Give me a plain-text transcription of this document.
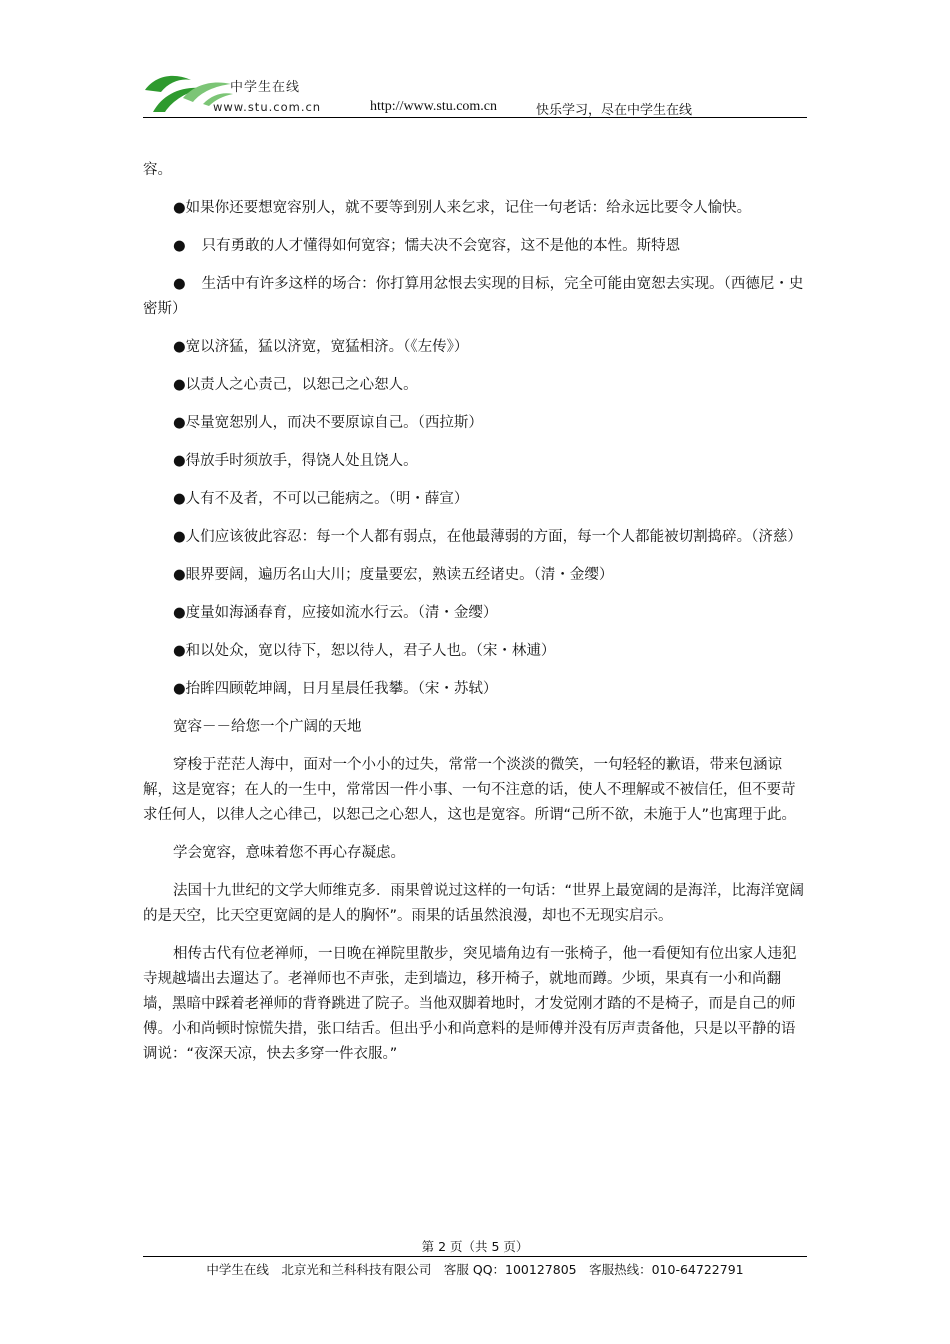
中学生在线
www.stu.com.cn	http://www.stu.com.cn	快乐学习，尽在中学生在线

容。

●如果你还要想宽容别人，就不要等到别人来乞求，记住一句老话：给永远比要令人愉快。

● 只有勇敢的人才懂得如何宽容；懦夫决不会宽容，这不是他的本性。斯特恩

● 生活中有许多这样的场合：你打算用忿恨去实现的目标，完全可能由宽恕去实现。（西德尼・史密斯）

●宽以济猛，猛以济宽，宽猛相济。（《左传》）

●以责人之心责己，以恕己之心恕人。

●尽量宽恕别人，而决不要原谅自己。（西拉斯）

●得放手时须放手，得饶人处且饶人。

●人有不及者，不可以己能病之。（明・薛宣）

●人们应该彼此容忍：每一个人都有弱点，在他最薄弱的方面，每一个人都能被切割捣碎。（济慈）

●眼界要阔，遍历名山大川；度量要宏，熟读五经诸史。（清・金缨）

●度量如海涵春育，应接如流水行云。（清・金缨）

●和以处众，宽以待下，恕以待人，君子人也。（宋・林逋）

●抬眸四顾乾坤阔，日月星晨任我攀。（宋・苏轼）

宽容－－给您一个广阔的天地

穿梭于茫茫人海中，面对一个小小的过失，常常一个淡淡的微笑，一句轻轻的歉语，带来包涵谅解，这是宽容；在人的一生中，常常因一件小事、一句不注意的话，使人不理解或不被信任，但不要苛求任何人，以律人之心律己，以恕己之心恕人，这也是宽容。所谓“己所不欲，未施于人”也寓理于此。

学会宽容，意味着您不再心存凝虑。

法国十九世纪的文学大师维克多．雨果曾说过这样的一句话：“世界上最宽阔的是海洋，比海洋宽阔的是天空，比天空更宽阔的是人的胸怀”。雨果的话虽然浪漫，却也不无现实启示。

相传古代有位老禅师，一日晚在禅院里散步，突见墙角边有一张椅子，他一看便知有位出家人违犯寺规越墙出去遛达了。老禅师也不声张，走到墙边，移开椅子，就地而蹲。少顷，果真有一小和尚翻墙，黑暗中踩着老禅师的背脊跳进了院子。当他双脚着地时，才发觉刚才踏的不是椅子，而是自己的师傅。小和尚顿时惊慌失措，张口结舌。但出乎小和尚意料的是师傅并没有厉声责备他，只是以平静的语调说：“夜深天凉，快去多穿一件衣服。”

第 2 页（共 5 页）
中学生在线　北京光和兰科科技有限公司　客服 QQ：100127805　客服热线：010-64722791
